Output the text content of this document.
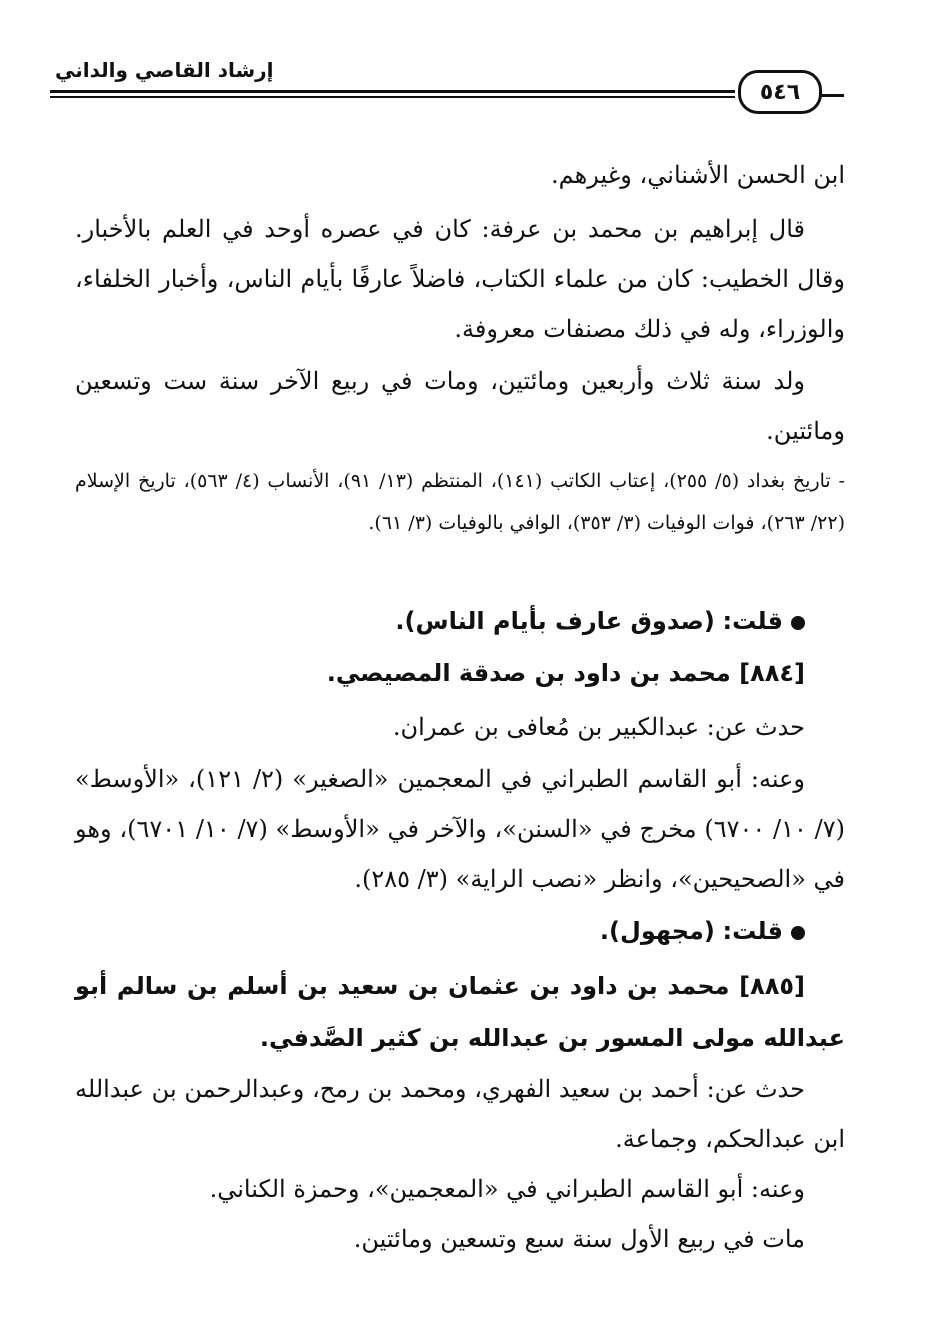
إرشاد القاصي والداني
٥٤٦
ابن الحسن الأشناني، وغيرهم.
قال إبراهيم بن محمد بن عرفة: كان في عصره أوحد في العلم بالأخبار. وقال الخطيب: كان من علماء الكتاب، فاضلاً عارفًا بأيام الناس، وأخبار الخلفاء، والوزراء، وله في ذلك مصنفات معروفة.
ولد سنة ثلاث وأربعين ومائتين، ومات في ربيع الآخر سنة ست وتسعين ومائتين.
- تاريخ بغداد (٥/ ٢٥٥)، إعتاب الكاتب (١٤١)، المنتظم (١٣/ ٩١)، الأنساب (٤/ ٥٦٣)، تاريخ الإسلام (٢٢/ ٢٦٣)، فوات الوفيات (٣/ ٣٥٣)، الوافي بالوفيات (٣/ ٦١).
قلت: (صدوق عارف بأيام الناس).
[٨٨٤] محمد بن داود بن صدقة المصيصي.
حدث عن: عبدالكبير بن مُعافى بن عمران.
وعنه: أبو القاسم الطبراني في المعجمين «الصغير» (٢/ ١٢١)، «الأوسط» (٧/ ١٠/ ٦٧٠٠) مخرج في «السنن»، والآخر في «الأوسط» (٧/ ١٠/ ٦٧٠١)، وهو في «الصحيحين»، وانظر «نصب الراية» (٣/ ٢٨٥).
قلت: (مجهول).
[٨٨٥] محمد بن داود بن عثمان بن سعيد بن أسلم بن سالم أبو عبدالله مولى المسور بن عبدالله بن كثير الصَّدفي.
حدث عن: أحمد بن سعيد الفهري، ومحمد بن رمح، وعبدالرحمن بن عبدالله ابن عبدالحكم، وجماعة.
وعنه: أبو القاسم الطبراني في «المعجمين»، وحمزة الكناني.
مات في ربيع الأول سنة سبع وتسعين ومائتين.
